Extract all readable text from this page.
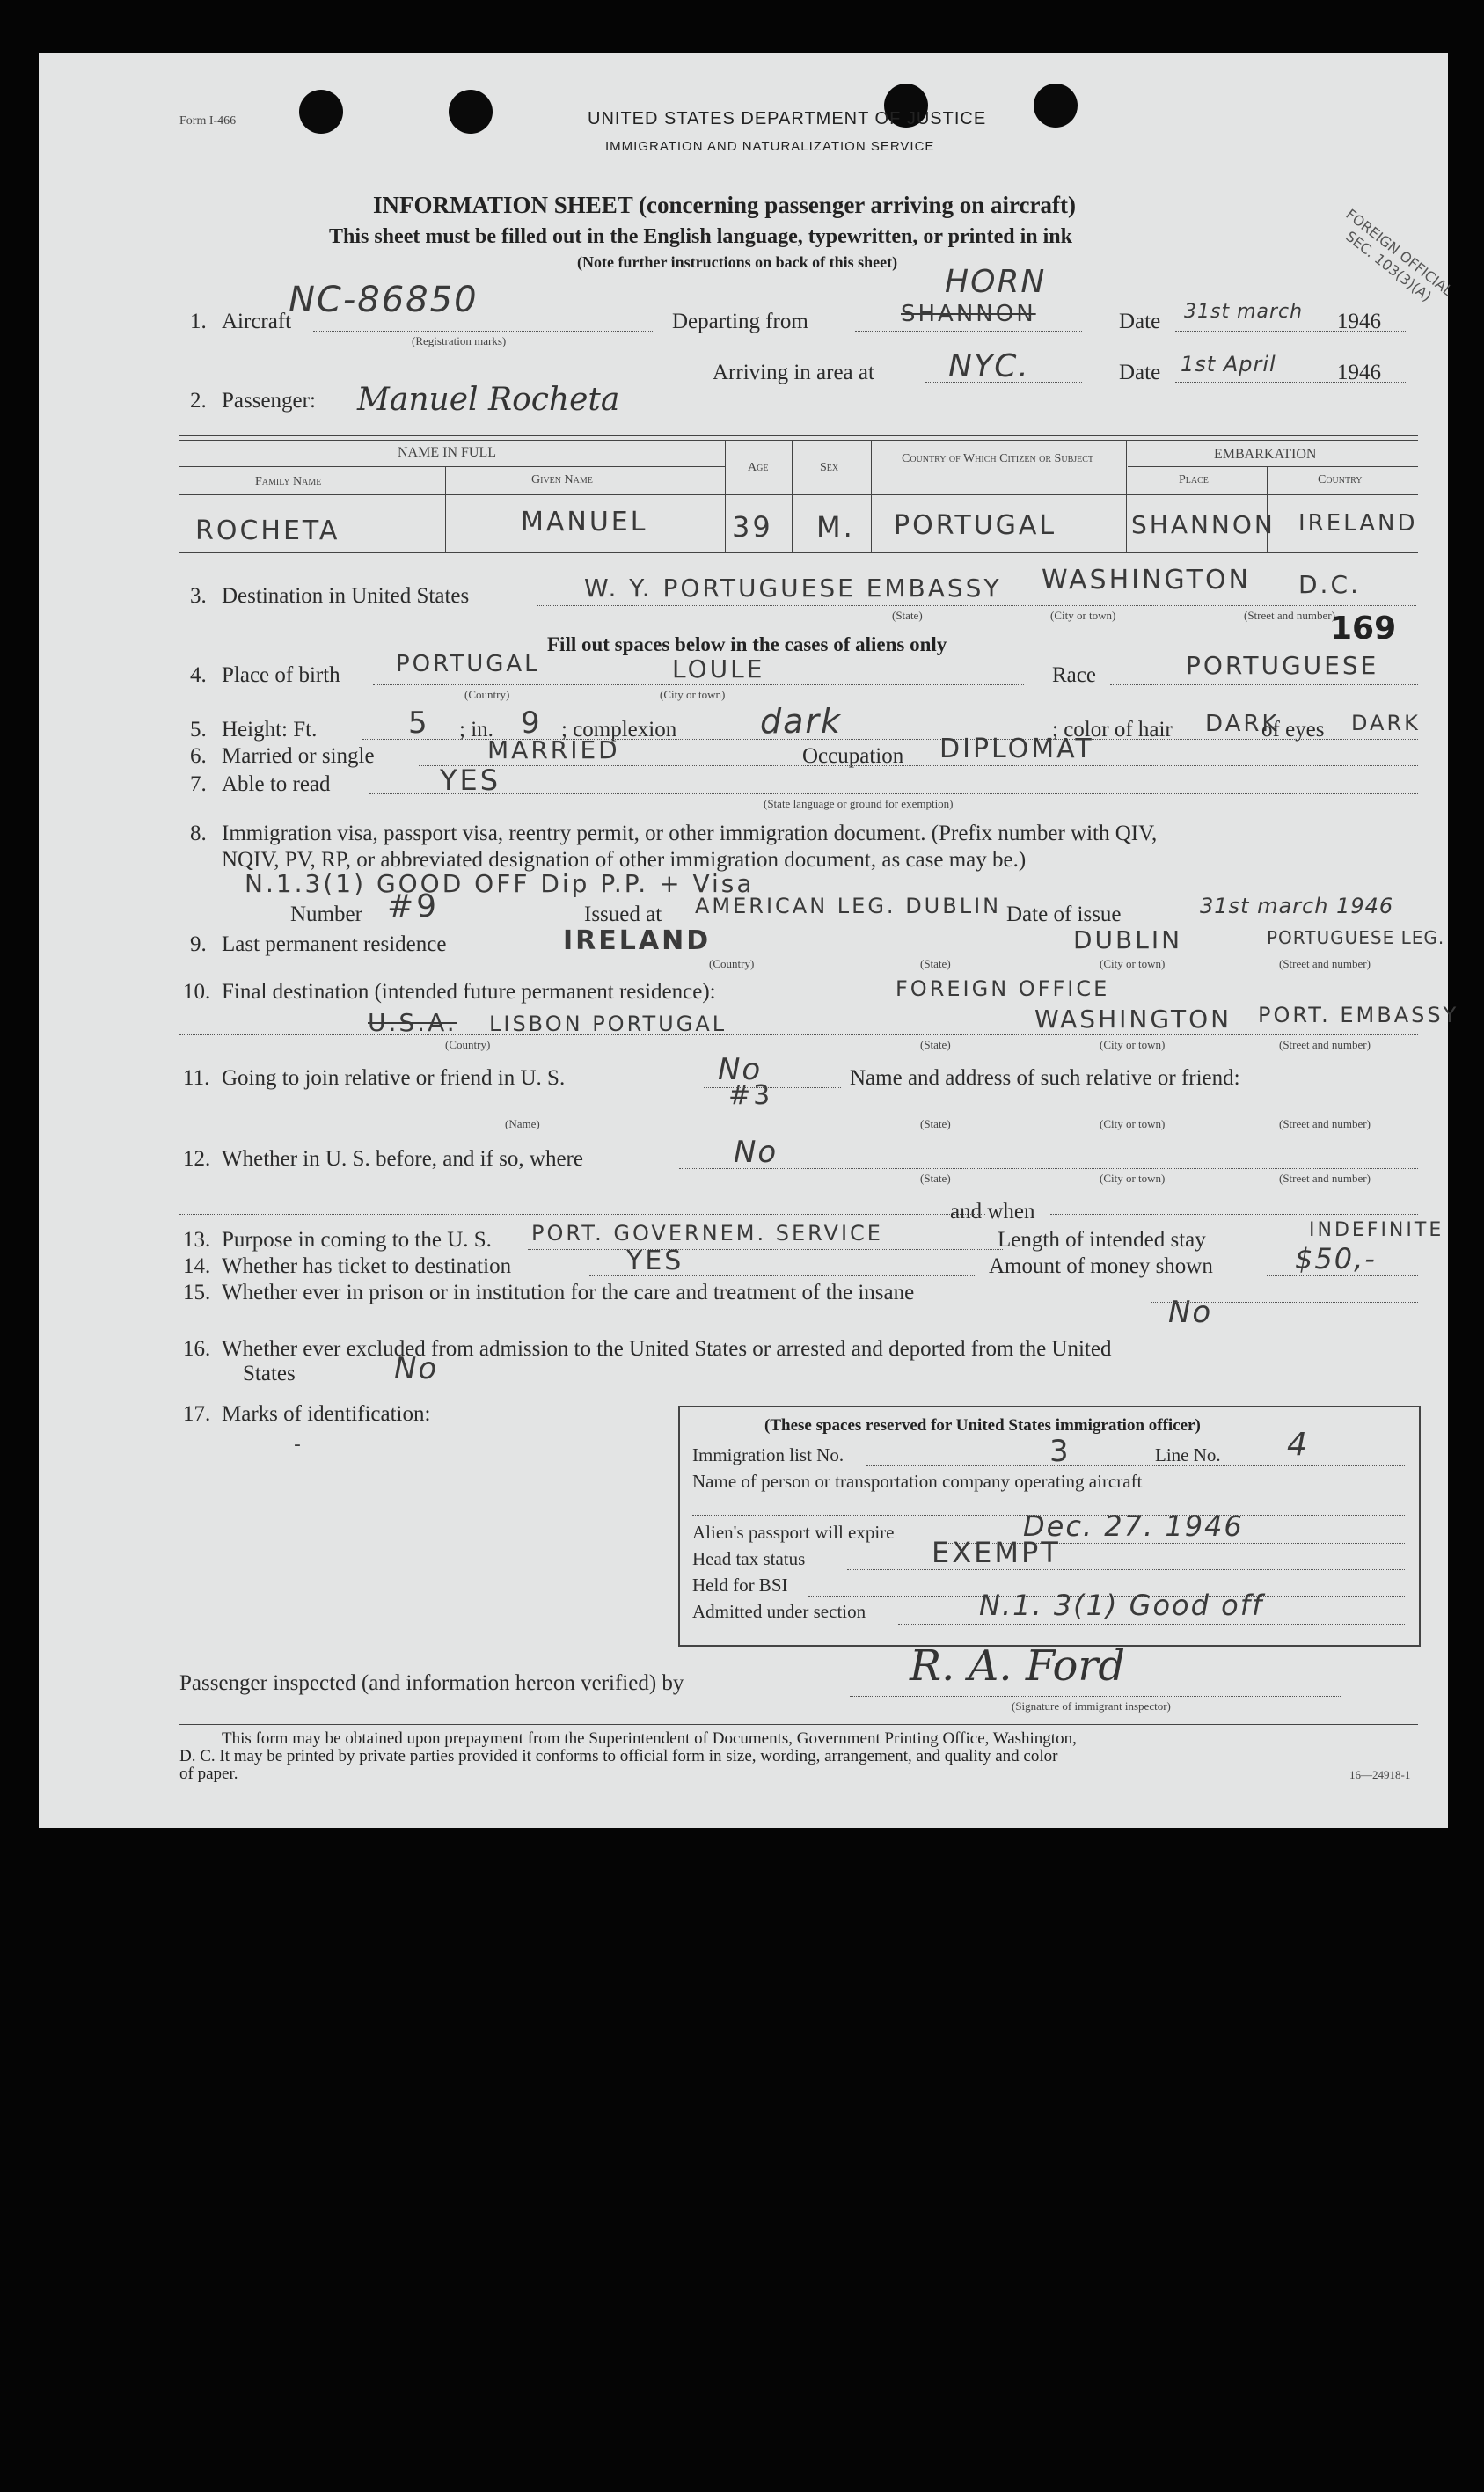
Form I-466	UNITED STATES DEPARTMENT OF JUSTICE
IMMIGRATION AND NATURALIZATION SERVICE
INFORMATION SHEET (concerning passenger arriving on aircraft)
This sheet must be filled out in the English language, typewritten, or printed in ink
(Note further instructions on back of this sheet)	FOREIGN OFFICIAL SEC. 103(3)(A)
1. Aircraft
NC-86850
(Registration marks)
Departing from	SHANNON
HORN
Date 31st march 1946
Arriving in area at NYC.	Date 1st April	1946
2. Passenger: Manuel Rocheta
NAME IN FULL
Family Name	Given Name
Age	Sex
Country of Which Citizen or Subject	EMBARKATION
Place	Country
ROCHETA	MANUEL	39 M. PORTUGAL	SHANNON IRELAND
3. Destination in United States	W. Y. PORTUGUESE EMBASSY WASHINGTON D.C.
(State)	(City or town)	(Street and number)
Fill out spaces below in the cases of aliens only	169
4. Place of birth PORTUGAL	LOULE
(Country)	(City or town)
Race	PORTUGUESE
5. Height: Ft.	5 ; in. 9 ; complexion dark	; color of hair DARK
of eyes DARK
6. Married or single	MARRIED	Occupation DIPLOMAT
7. Able to read	YES
(State language or ground for exemption)
8. Immigration visa, passport visa, reentry permit, or other immigration document. (Prefix number with QIV,
NQIV, PV, RP, or abbreviated designation of other immigration document, as case may be.)
N.1.3(1) GOOD OFF Dip P.P. + Visa
Number #9	Issued at AMERICAN LEG. DUBLIN Date of issue	31st march 1946
9. Last permanent residence	IRELAND	DUBLIN	PORTUGUESE LEG.
(Country)	(State)	(City or town)	(Street and number)
10. Final destination (intended future permanent residence):	FOREIGN OFFICE
U.S.A. LISBON PORTUGAL	WASHINGTON PORT. EMBASSY
(Country)	(State)	(City or town)	(Street and number)
11. Going to join relative or friend in U. S.	No
#3
Name and address of such relative or friend:
(Name)	(State)	(City or town)	(Street and number)
12. Whether in U. S. before, and if so, where	No
(State)	(City or town)	(Street and number)
and when
13. Purpose in coming to the U. S. PORT. GOVERNEM. SERVICE	Length of intended stay	INDEFINITE
14. Whether has ticket to destination	YES	Amount of money shown	$50,-
15. Whether ever in prison or in institution for the care and treatment of the insane
No
16. Whether ever excluded from admission to the United States or arrested and deported from the United
States	No
17. Marks of identification:
-
(These spaces reserved for United States immigration officer)
Immigration list No.	3	Line No. 4
Name of person or transportation company operating aircraft
Alien's passport will expire	Dec. 27. 1946
Head tax status	EXEMPT
Held for BSI
Admitted under section	N.1. 3(1) Good off
Passenger inspected (and information hereon verified) by	R. A. Ford
(Signature of immigrant inspector)
This form may be obtained upon prepayment from the Superintendent of Documents, Government Printing Office, Washington,
D. C. It may be printed by private parties provided it conforms to official form in size, wording, arrangement, and quality and color
of paper.	16—24918-1
